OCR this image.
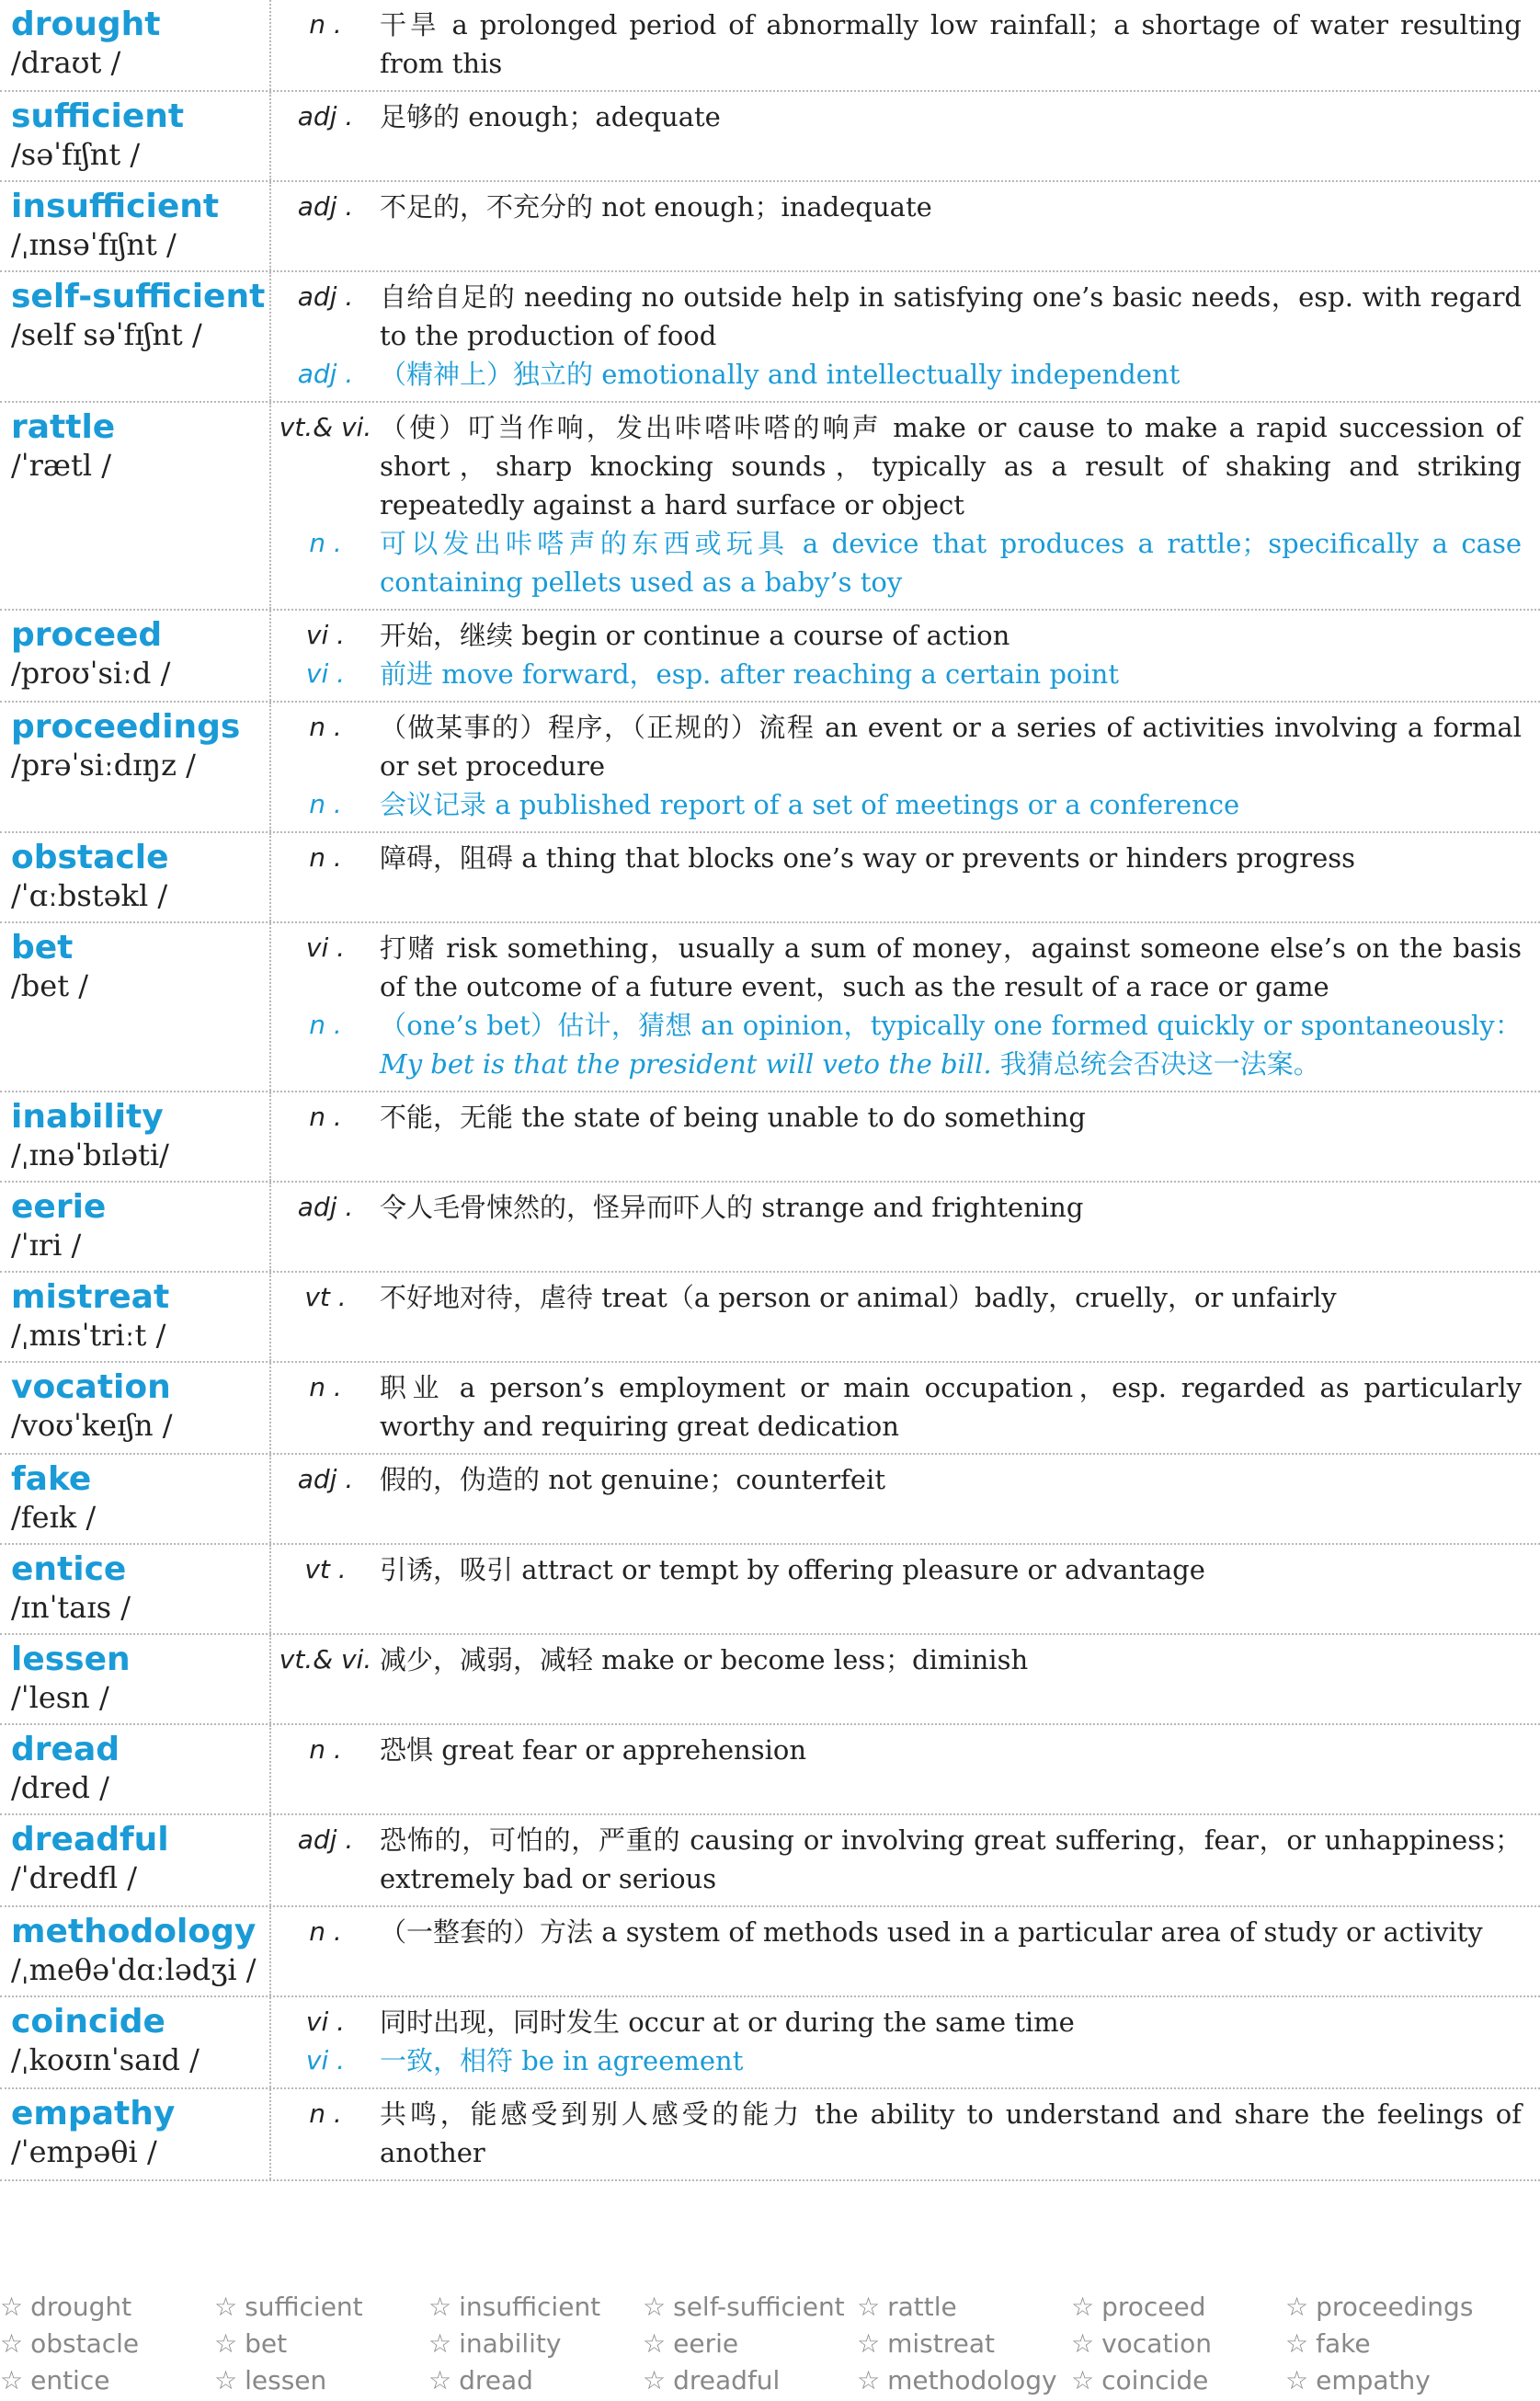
drought
/draʊt /
n .	干旱 a prolonged period of abnormally low rainfall；a shortage of water resulting from this
sufficient
/səˈfɪʃnt /
adj . 足够的 enough；adequate
insufficient
/ˌɪnsəˈfɪʃnt /
adj . 不足的，不充分的 not enough；inadequate
self-sufficient
/self səˈfɪʃnt /
adj . 自给自足的 needing no outside help in satisfying one’s basic needs，esp. with regard to the production of food
adj . （精神上）独立的 emotionally and intellectually independent
rattle
/ˈrætl /
vt.& vi. （使）叮当作响，发出咔嗒咔嗒的响声 make or cause to make a rapid succession of short，sharp knocking sounds，typically as a result of shaking and striking repeatedly against a hard surface or object
n .	可以发出咔嗒声的东西或玩具 a device that produces a rattle；specifically a case containing pellets used as a baby’s toy
proceed
/proʊˈsiːd /
vi .	开始，继续 begin or continue a course of action
vi .	前进 move forward，esp. after reaching a certain point
proceedings
/prəˈsiːdɪŋz /
n .	（做某事的）程序，（正规的）流程 an event or a series of activities involving a formal or set procedure
n .	会议记录 a published report of a set of meetings or a conference
obstacle
/ˈɑːbstəkl /
n .	障碍，阻碍 a thing that blocks one’s way or prevents or hinders progress
bet
/bet /
vi .	打赌 risk something，usually a sum of money，against someone else’s on the basis of the outcome of a future event，such as the result of a race or game
n .	（one’s bet）估计，猜想 an opinion，typically one formed quickly or spontaneously：My bet is that the president will veto the bill. 我猜总统会否决这一法案。
inability
/ˌɪnəˈbɪləti/
n .	不能，无能 the state of being unable to do something
eerie
/ˈɪri /
adj . 令人毛骨悚然的，怪异而吓人的 strange and frightening
mistreat
/ˌmɪsˈtriːt /
vt .	不好地对待，虐待 treat（a person or animal）badly，cruelly，or unfairly
vocation
/voʊˈkeɪʃn /
n .	职业 a person’s employment or main occupation，esp. regarded as particularly worthy and requiring great dedication
fake
/feɪk /
adj . 假的，伪造的 not genuine；counterfeit
entice
/ɪnˈtaɪs /
vt .	引诱，吸引 attract or tempt by offering pleasure or advantage
lessen
/ˈlesn /
vt.& vi. 减少，减弱，减轻 make or become less；diminish
dread
/dred /
n .	恐惧 great fear or apprehension
dreadful
/ˈdredfl /
adj . 恐怖的，可怕的，严重的 causing or involving great suffering，fear，or unhappiness；extremely bad or serious
methodology
/ˌmeθəˈdɑːlədʒi /
n .	（一整套的）方法 a system of methods used in a particular area of study or activity
coincide
/ˌkoʊɪnˈsaɪd /
vi .	同时出现，同时发生 occur at or during the same time
vi .	一致，相符 be in agreement
empathy
/ˈempəθi /
n .	共鸣，能感受到别人感受的能力 the ability to understand and share the feelings of another
☆ drought	☆ sufficient	☆ insufficient	☆ self-sufficient ☆ rattle	☆ proceed	☆ proceedings
☆ obstacle	☆ bet	☆ inability	☆ eerie	☆ mistreat	☆ vocation	☆ fake
☆ entice	☆ lessen	☆ dread	☆ dreadful	☆ methodology ☆ coincide	☆ empathy
